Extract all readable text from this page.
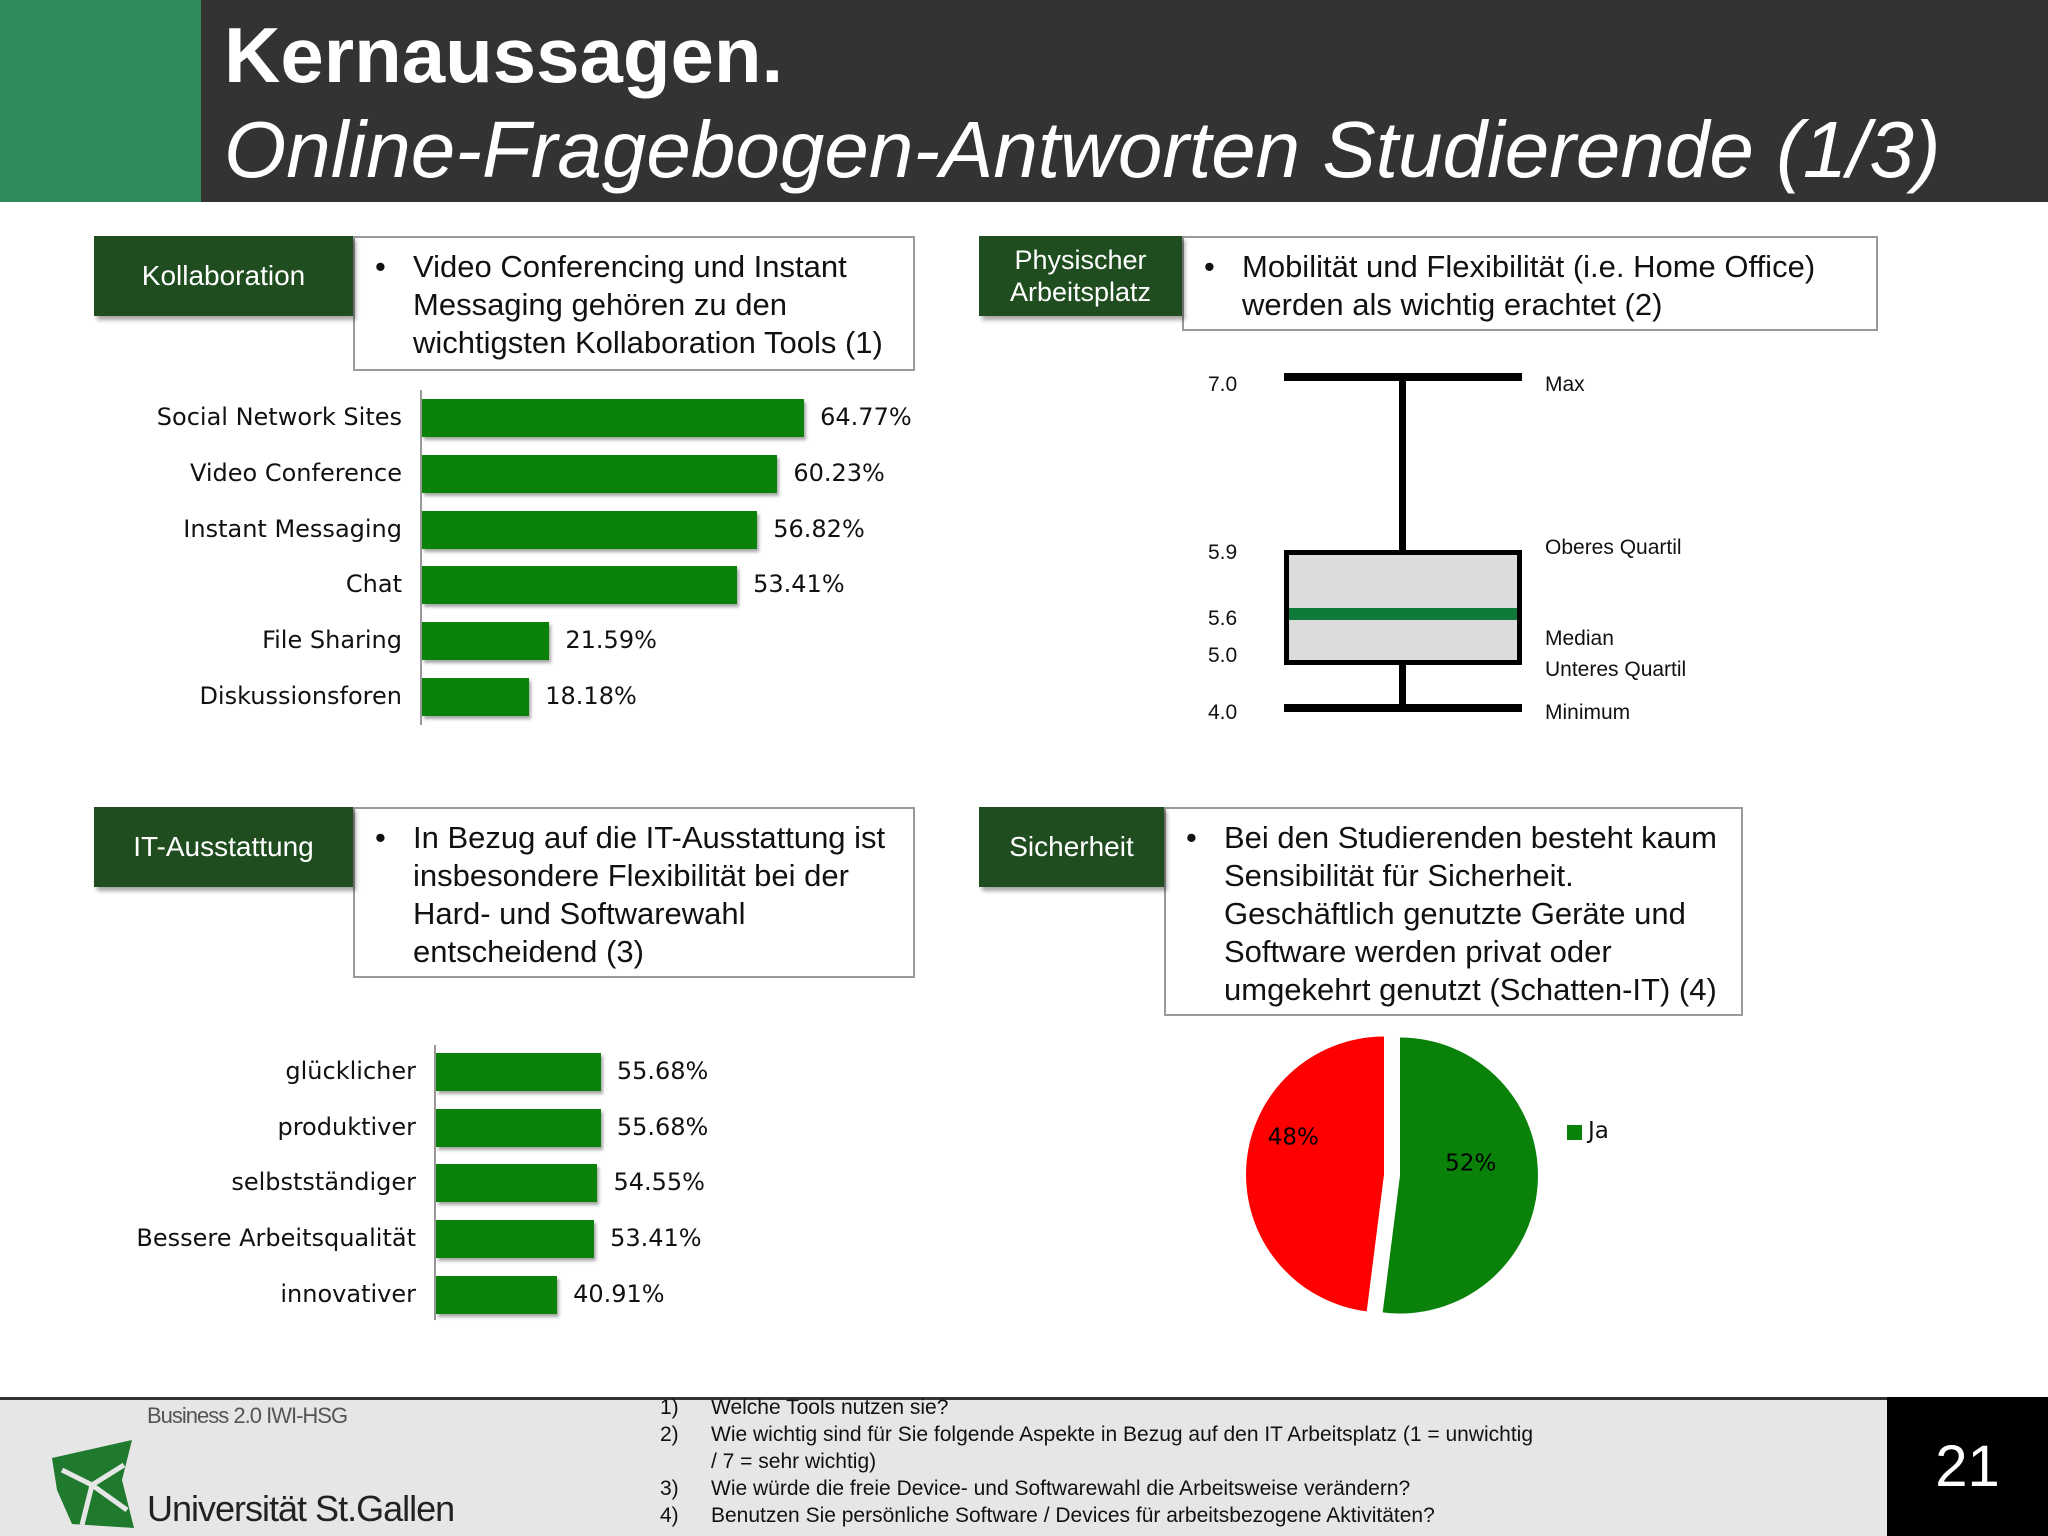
Kernaussagen.
Online-Fragebogen-Antworten Studierende (1/3)
• Video Conferencing und Instant Messaging gehören zu den wichtigsten Kollaboration Tools (1)
Kollaboration	• Mobilität und Flexibilität (i.e. Home Office) werden als wichtig erachtet (2)
Physischer Arbeitsplatz
• In Bezug auf die IT-Ausstattung ist insbesondere Flexibilität bei der Hard- und Softwarewahl entscheidend (3)
IT-Ausstattung	• Bei den Studierenden besteht kaum Sensibilität für Sicherheit. Geschäftlich genutzte Geräte und Software werden privat oder umgekehrt genutzt (Schatten-IT) (4)
Sicherheit
Social Network Sites	64.77%
Video Conference	60.23%
Instant Messaging	56.82%
Chat	53.41%
File Sharing	21.59%
Diskussionsforen	18.18%
glücklicher	55.68%
produktiver	55.68%
selbstständiger	54.55%
Bessere Arbeitsqualität	53.41%
innovativer	40.91%
7.0
5.9
5.6
5.0
4.0
Max
Oberes Quartil
Median
Unteres Quartil
Minimum
52%
48%	Ja
Business 2.0 IWI-HSG
Universität St.Gallen
1)	Welche Tools nutzen sie?
2)	Wie wichtig sind für Sie folgende Aspekte in Bezug auf den IT Arbeitsplatz (1 = unwichtig
/ 7 = sehr wichtig)
3)	Wie würde die freie Device- und Softwarewahl die Arbeitsweise verändern?
4)	Benutzen Sie persönliche Software / Devices für arbeitsbezogene Aktivitäten?
21
